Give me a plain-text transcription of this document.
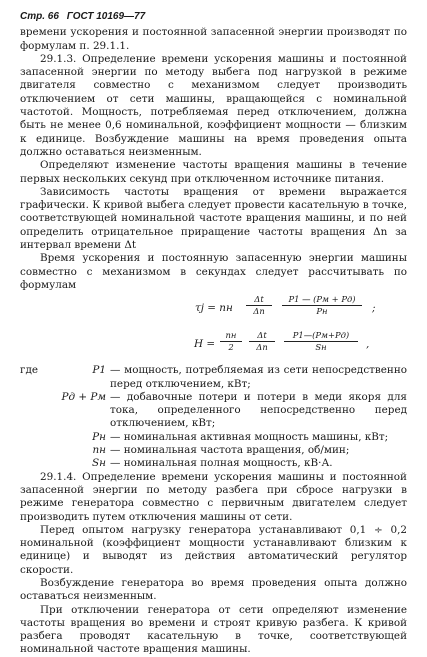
Стр. 66 ГОСТ 10169—77

времени ускорения и постоянной запасенной энергии производят по формулам п. 29.1.1.

29.1.3. Определение времени ускорения машины и постоянной запасенной энергии по методу выбега под нагрузкой в режиме двигателя совместно с механизмом следует производить отключением от сети машины, вращающейся с номинальной частотой. Мощность, потребляемая перед отключением, должна быть не менее 0,6 номинальной, коэффициент мощности — близким к единице. Возбуждение машины на время проведения опыта должно оставаться неизменным.

Определяют изменение частоты вращения машины в течение первых нескольких секунд при отключенном источнике питания.

Зависимость частоты вращения от времени выражается графически. К кривой выбега следует провести касательную в точке, соответствующей номинальной частоте вращения машины, и по ней определить отрицательное приращение частоты вращения Δn за интервал времени Δt

Время ускорения и постоянную запасенную энергии машины совместно с механизмом в секундах следует рассчитывать по формулам

τj = nн $\frac{\Delta t}{\Delta n}$	P1 — (Pм + Pд)
Pн	;
H =
nн
2	$\frac{\Delta t}{\Delta n}$	P1—(Pм+Pд)
Sн	,
где	P1 — мощность, потребляемая из сети непосредственно перед отключением, кВт;
Pд + Pм — добавочные потери и потери в меди якоря для тока, определенного непосредственно перед отключением, кВт;
Pн — номинальная активная мощность машины, кВт;
nн — номинальная частота вращения, об/мин;
Sн — номинальная полная мощность, кВ·А.

29.1.4. Определение времени ускорения машины и постоянной запасенной энергии по методу разбега при сбросе нагрузки в режиме генератора совместно с первичным двигателем следует производить путем отключения машины от сети.

Перед опытом нагрузку генератора устанавливают 0,1 ÷ 0,2 номинальной (коэффициент мощности устанавливают близким к единице) и выводят из действия автоматический регулятор скорости.

Возбуждение генератора во время проведения опыта должно оставаться неизменным.

При отключении генератора от сети определяют изменение частоты вращения во времени и строят кривую разбега. К кривой разбега проводят касательную в точке, соответствующей номинальной частоте вращения машины.
